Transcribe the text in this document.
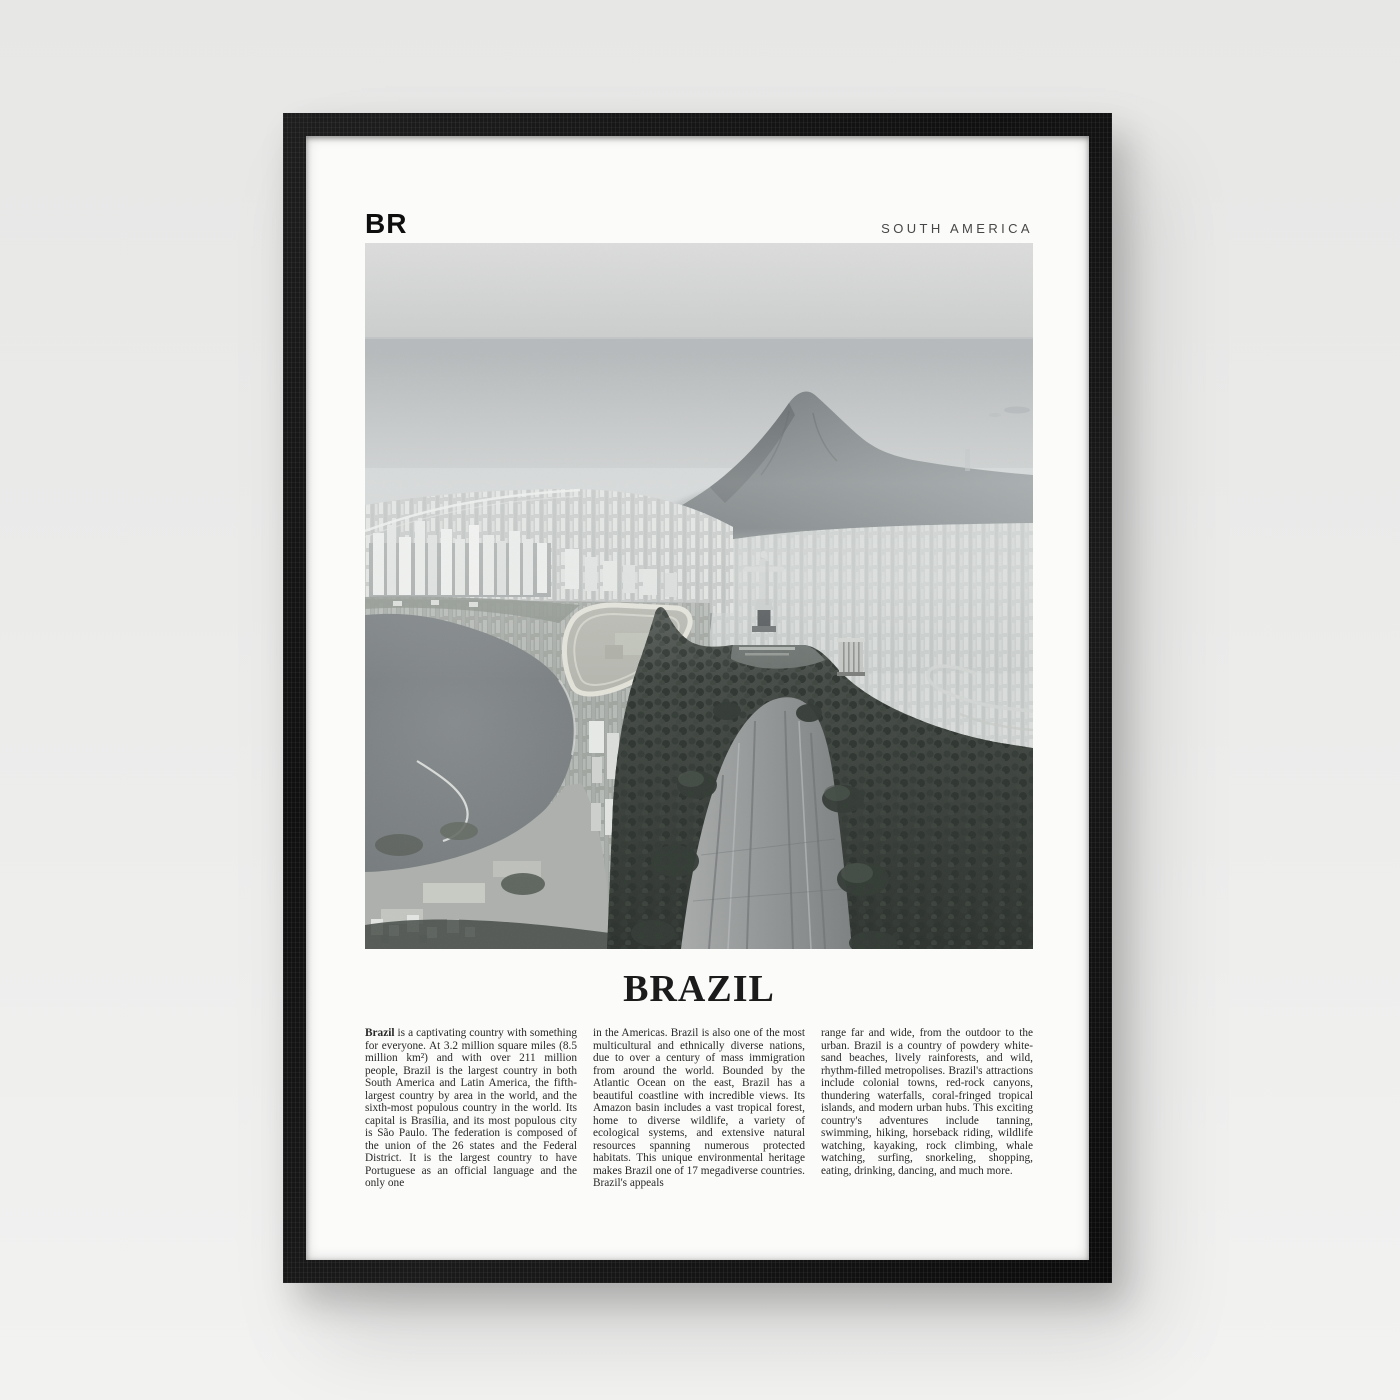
BR	SOUTH AMERICA
BRAZIL

Brazil is a captivating country with something for everyone. At 3.2 million square miles (8.5 million km²) and with over 211 million people, Brazil is the largest country in both South America and Latin America, the fifth-largest country by area in the world, and the sixth-most populous country in the world. Its capital is Brasília, and its most populous city is São Paulo. The federation is composed of the union of the 26 states and the Federal District. It is the largest country to have Portuguese as an official language and the only one

in the Americas. Brazil is also one of the most multicultural and ethnically diverse nations, due to over a century of mass immigration from around the world. Bounded by the Atlantic Ocean on the east, Brazil has a beautiful coastline with incredible views. Its Amazon basin includes a vast tropical forest, home to diverse wildlife, a variety of ecological systems, and extensive natural resources spanning numerous protected habitats. This unique environmental heritage makes Brazil one of 17 megadiverse countries. Brazil's appeals

range far and wide, from the outdoor to the urban. Brazil is a country of powdery white-sand beaches, lively rainforests, and wild, rhythm-filled metropolises. Brazil's attractions include colonial towns, red-rock canyons, thundering waterfalls, coral-fringed tropical islands, and modern urban hubs. This exciting country's adventures include tanning, swimming, hiking, horseback riding, wildlife watching, kayaking, rock climbing, whale watching, surfing, snorkeling, shopping, eating, drinking, dancing, and much more.
